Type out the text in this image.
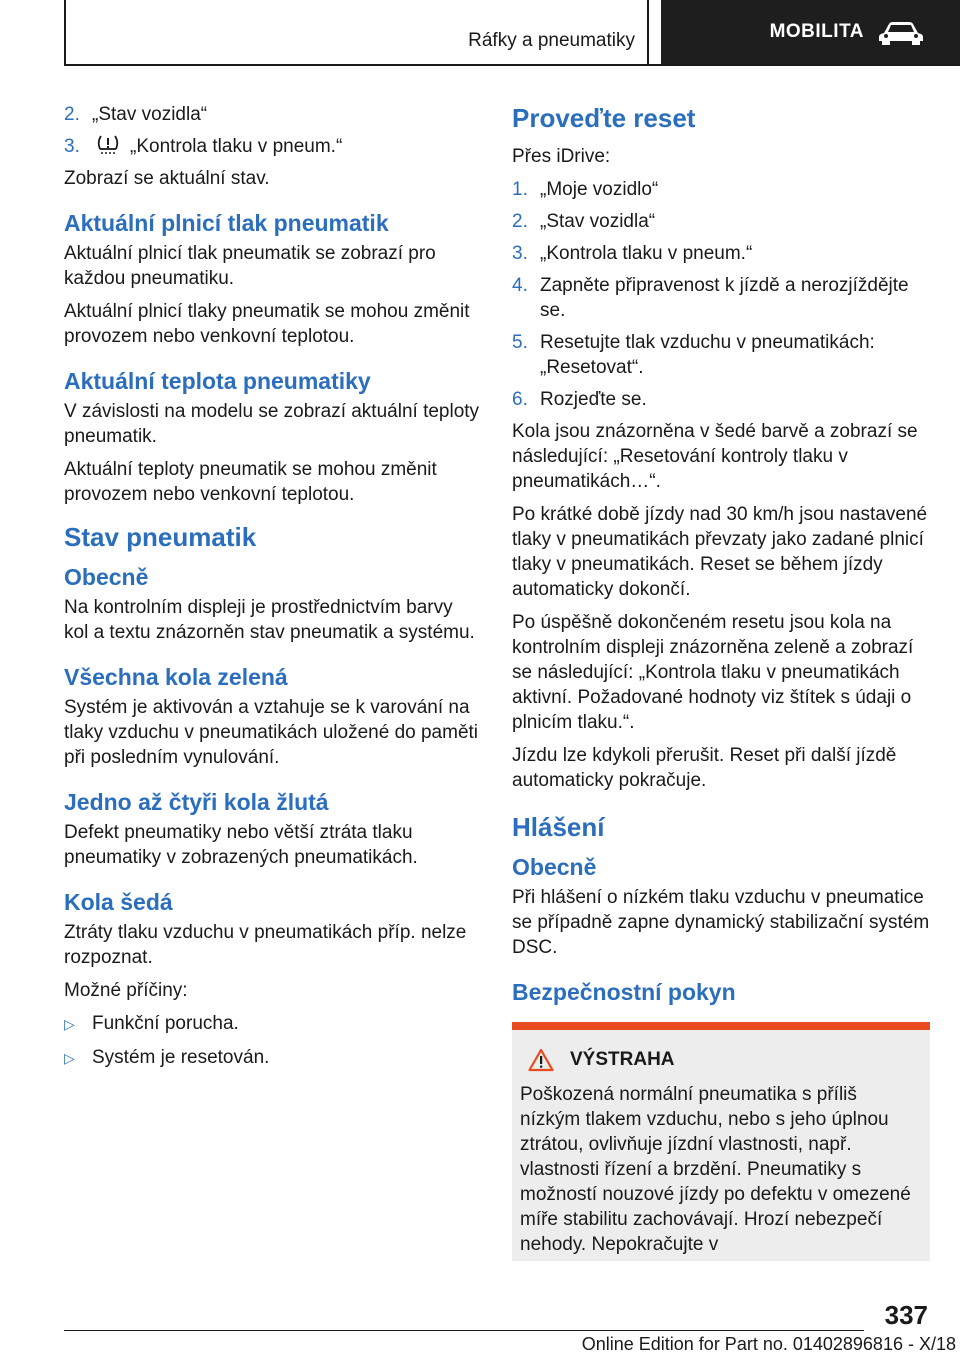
Ráfky a pneumatiky	MOBILITA
2. „Stav vozidla“
3.	„Kontrola tlaku v pneum.“

Zobrazí se aktuální stav.

Aktuální plnicí tlak pneumatik

Aktuální plnicí tlak pneumatik se zobrazí pro každou pneumatiku.

Aktuální plnicí tlaky pneumatik se mohou změnit provozem nebo venkovní teplotou.

Aktuální teplota pneumatiky

V závislosti na modelu se zobrazí aktuální teploty pneumatik.

Aktuální teploty pneumatik se mohou změnit provozem nebo venkovní teplotou.

Stav pneumatik
Obecně

Na kontrolním displeji je prostřednictvím barvy kol a textu znázorněn stav pneumatik a systému.

Všechna kola zelená

Systém je aktivován a vztahuje se k varování na tlaky vzduchu v pneumatikách uložené do paměti při posledním vynulování.

Jedno až čtyři kola žlutá

Defekt pneumatiky nebo větší ztráta tlaku pneumatiky v zobrazených pneumatikách.

Kola šedá

Ztráty tlaku vzduchu v pneumatikách příp. nelze rozpoznat.

Možné příčiny:

▷ Funkční porucha.
▷ Systém je resetován.
Proveďte reset

Přes iDrive:

1. „Moje vozidlo“
2. „Stav vozidla“
3. „Kontrola tlaku v pneum.“
4. Zapněte připravenost k jízdě a nerozjíždějte se.
5. Resetujte tlak vzduchu v pneumatikách: „Resetovat“.
6. Rozjeďte se.

Kola jsou znázorněna v šedé barvě a zobrazí se následující: „Resetování kontroly tlaku v pneumatikách…“.

Po krátké době jízdy nad 30 km/h jsou nastavené tlaky v pneumatikách převzaty jako zadané plnicí tlaky v pneumatikách. Reset se během jízdy automaticky dokončí.

Po úspěšně dokončeném resetu jsou kola na kontrolním displeji znázorněna zeleně a zobrazí se následující: „Kontrola tlaku v pneumatikách aktivní. Požadované hodnoty viz štítek s údaji o plnicím tlaku.“.

Jízdu lze kdykoli přerušit. Reset při další jízdě automaticky pokračuje.

Hlášení
Obecně

Při hlášení o nízkém tlaku vzduchu v pneumatice se případně zapne dynamický stabilizační systém DSC.

Bezpečnostní pokyn
VÝSTRAHA

Poškozená normální pneumatika s příliš nízkým tlakem vzduchu, nebo s jeho úplnou ztrátou, ovlivňuje jízdní vlastnosti, např. vlastnosti řízení a brzdění. Pneumatiky s možností nouzové jízdy po defektu v omezené míře stabilitu zachovávají. Hrozí nebezpečí nehody. Nepokračujte v

337
Online Edition for Part no. 01402896816 - X/18
